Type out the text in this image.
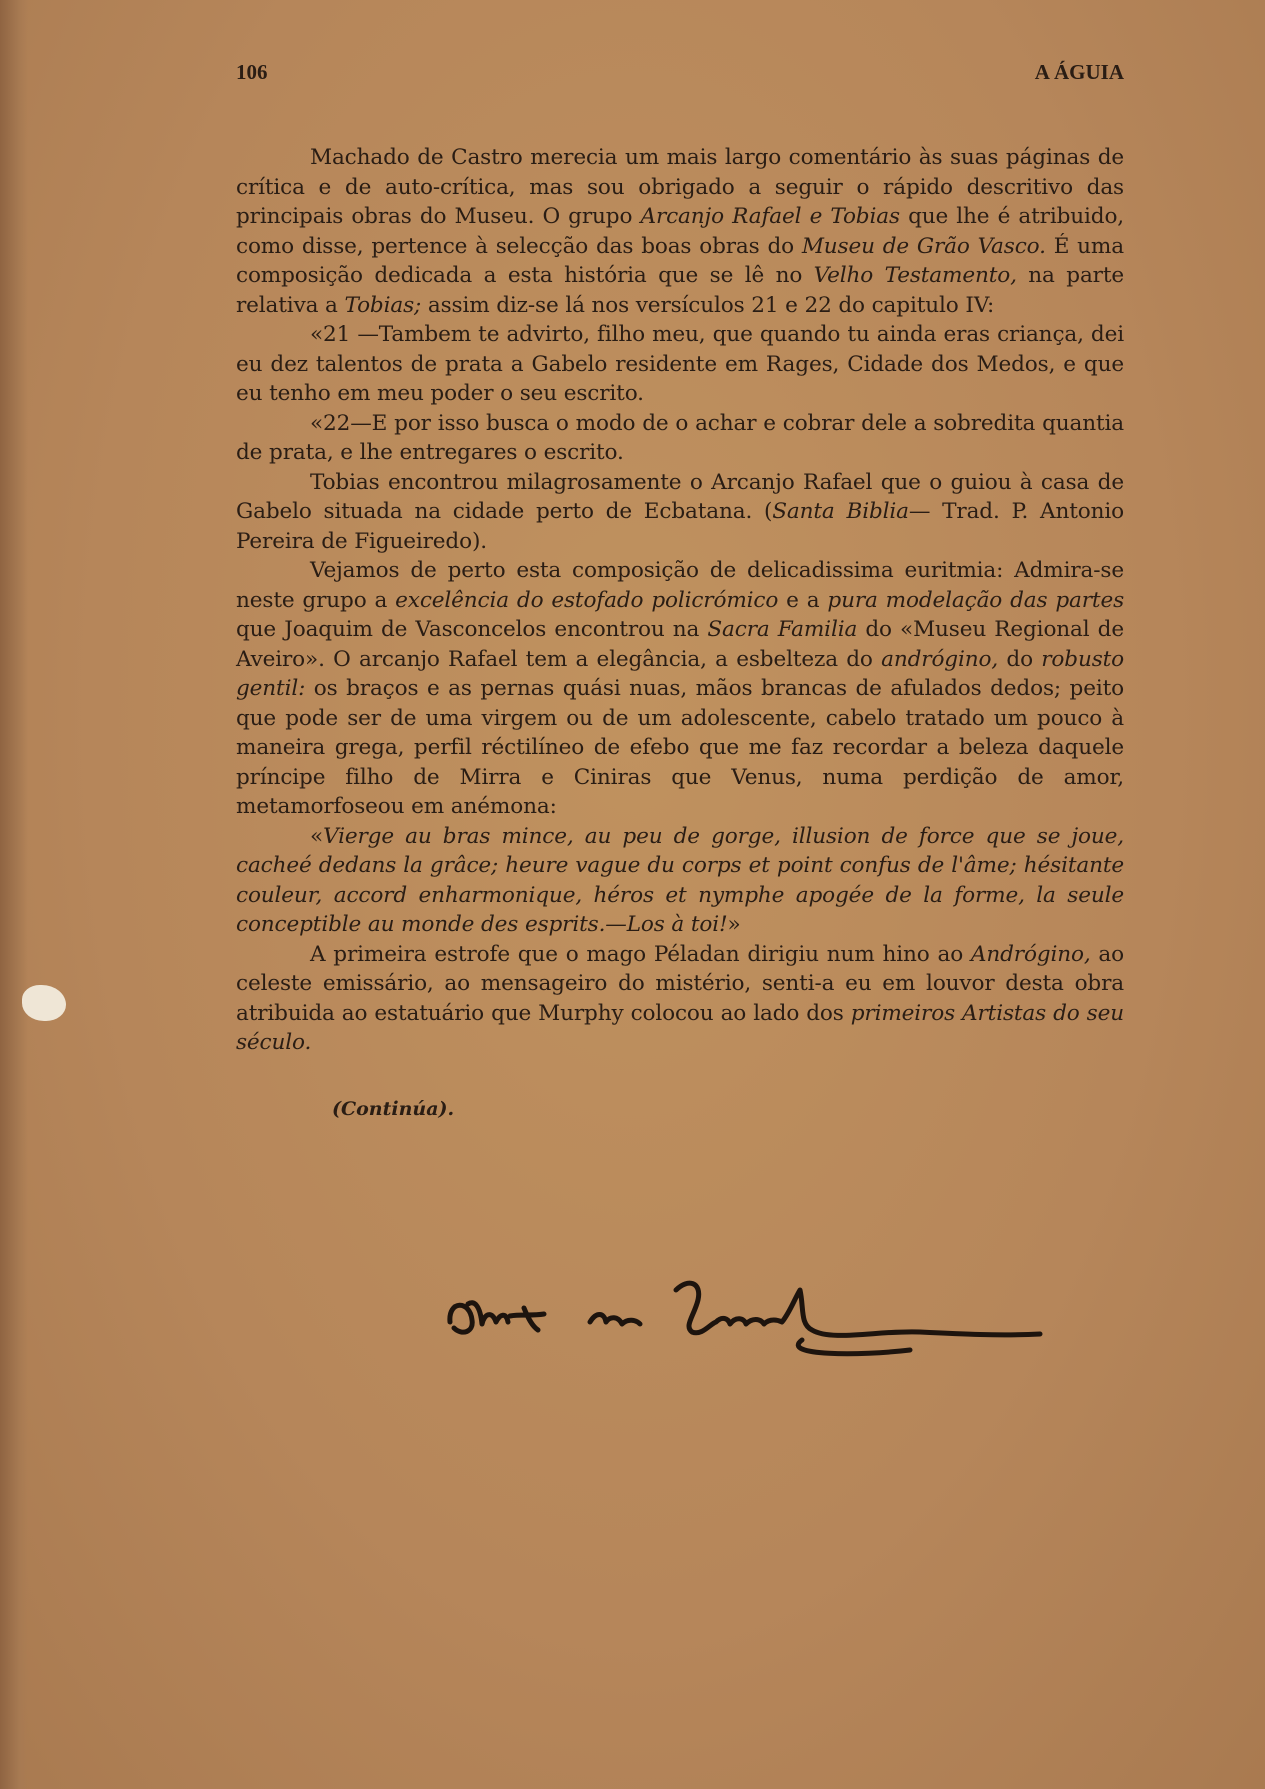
106	A ÁGUIA

Machado de Castro merecia um mais largo comentário às suas páginas de crítica e de auto-crítica, mas sou obrigado a seguir o rápido descritivo das principais obras do Museu. O grupo Arcanjo Rafael e Tobias que lhe é atribuido, como disse, pertence à selecção das boas obras do Museu de Grão Vasco. É uma composição dedicada a esta história que se lê no Velho Testamento, na parte relativa a Tobias; assim diz-se lá nos versículos 21 e 22 do capitulo IV:

«21 —Tambem te advirto, filho meu, que quando tu ainda eras criança, dei eu dez talentos de prata a Gabelo residente em Rages, Cidade dos Medos, e que eu tenho em meu poder o seu escrito.

«22—E por isso busca o modo de o achar e cobrar dele a sobredita quantia de prata, e lhe entregares o escrito.

Tobias encontrou milagrosamente o Arcanjo Rafael que o guiou à casa de Gabelo situada na cidade perto de Ecbatana. (Santa Biblia— Trad. P. Antonio Pereira de Figueiredo).

Vejamos de perto esta composição de delicadissima euritmia: Admira-se neste grupo a excelência do estofado policrómico e a pura modelação das partes que Joaquim de Vasconcelos encontrou na Sacra Familia do «Museu Regional de Aveiro». O arcanjo Rafael tem a elegância, a esbelteza do andrógino, do robusto gentil: os braços e as pernas quási nuas, mãos brancas de afulados dedos; peito que pode ser de uma virgem ou de um adolescente, cabelo tratado um pouco à maneira grega, perfil réctilíneo de efebo que me faz recordar a beleza daquele príncipe filho de Mirra e Ciniras que Venus, numa perdição de amor, metamorfoseou em anémona:

«Vierge au bras mince, au peu de gorge, illusion de force que se joue, cacheé dedans la grâce; heure vague du corps et point confus de l'âme; hésitante couleur, accord enharmonique, héros et nymphe apogée de la forme, la seule conceptible au monde des esprits.—Los à toi!»

A primeira estrofe que o mago Péladan dirigiu num hino ao Andrógino, ao celeste emissário, ao mensageiro do mistério, senti-a eu em louvor desta obra atribuida ao estatuário que Murphy colocou ao lado dos primeiros Artistas do seu século.

(Continúa).
